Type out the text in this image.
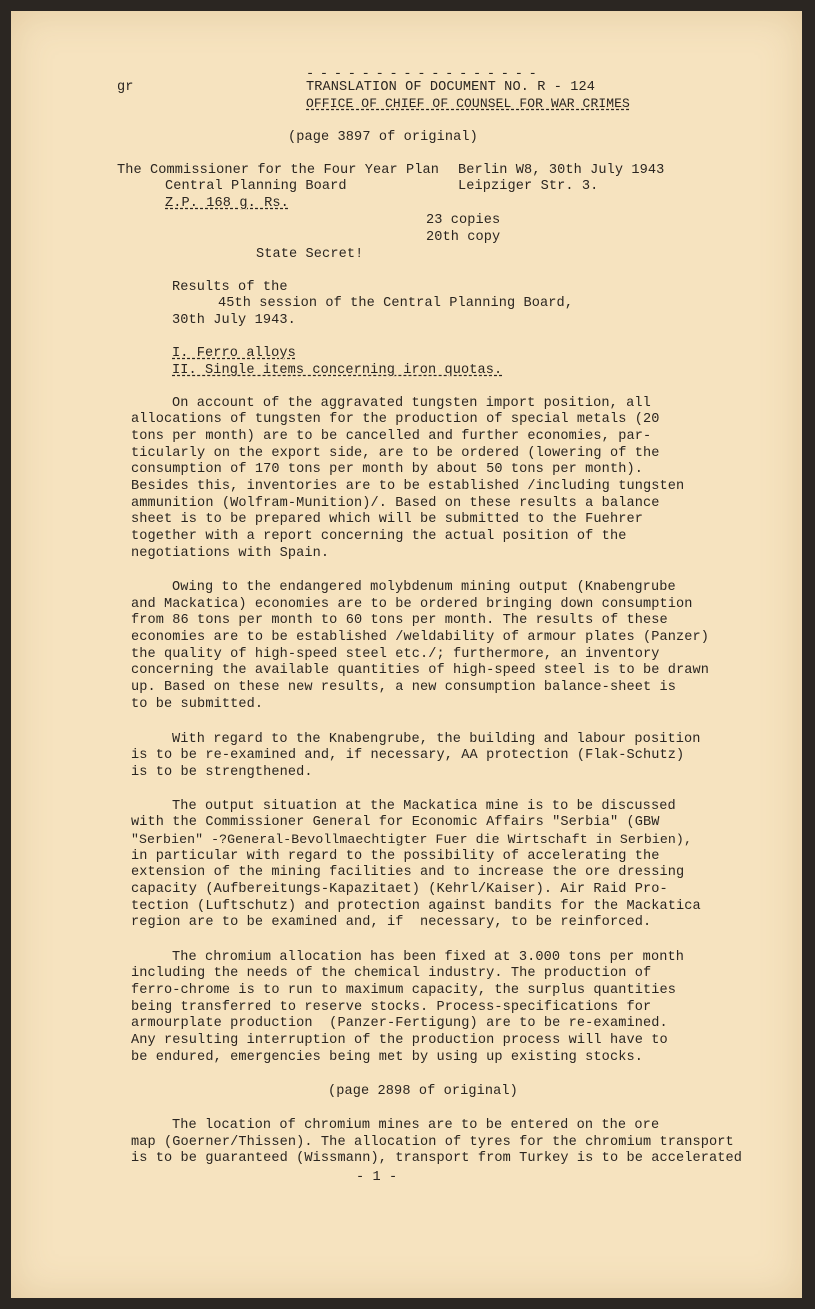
gr

- - - - - - - - - - - - - - - - -

TRANSLATION OF DOCUMENT NO. R - 124

OFFICE OF CHIEF OF COUNSEL FOR WAR CRIMES

(page 3897 of original)

The Commissioner for the Four Year Plan

Central Planning Board

Z.P. 168 g. Rs.

Berlin W8, 30th July 1943

Leipziger Str. 3.

23 copies

20th copy

State Secret!

Results of the

45th session of the Central Planning Board,

30th July 1943.

I. Ferro alloys

II. Single items concerning iron quotas.

On account of the aggravated tungsten import position, all

allocations of tungsten for the production of special metals (20

tons per month) are to be cancelled and further economies, par-

ticularly on the export side, are to be ordered (lowering of the

consumption of 170 tons per month by about 50 tons per month).

Besides this, inventories are to be established /including tungsten

ammunition (Wolfram-Munition)/. Based on these results a balance

sheet is to be prepared which will be submitted to the Fuehrer

together with a report concerning the actual position of the

negotiations with Spain.

Owing to the endangered molybdenum mining output (Knabengrube

and Mackatica) economies are to be ordered bringing down consumption

from 86 tons per month to 60 tons per month. The results of these

economies are to be established /weldability of armour plates (Panzer)

the quality of high-speed steel etc./; furthermore, an inventory

concerning the available quantities of high-speed steel is to be drawn

up. Based on these new results, a new consumption balance-sheet is

to be submitted.

With regard to the Knabengrube, the building and labour position

is to be re-examined and, if necessary, AA protection (Flak-Schutz)

is to be strengthened.

The output situation at the Mackatica mine is to be discussed

with the Commissioner General for Economic Affairs "Serbia" (GBW

"Serbien" -?General-Bevollmaechtigter Fuer die Wirtschaft in Serbien),

in particular with regard to the possibility of accelerating the

extension of the mining facilities and to increase the ore dressing

capacity (Aufbereitungs-Kapazitaet) (Kehrl/Kaiser). Air Raid Pro-

tection (Luftschutz) and protection against bandits for the Mackatica

region are to be examined and, if  necessary, to be reinforced.

The chromium allocation has been fixed at 3.000 tons per month

including the needs of the chemical industry. The production of

ferro-chrome is to run to maximum capacity, the surplus quantities

being transferred to reserve stocks. Process-specifications for

armourplate production  (Panzer-Fertigung) are to be re-examined.

Any resulting interruption of the production process will have to

be endured, emergencies being met by using up existing stocks.

(page 2898 of original)

The location of chromium mines are to be entered on the ore

map (Goerner/Thissen). The allocation of tyres for the chromium transport

is to be guaranteed (Wissmann), transport from Turkey is to be accelerated

- 1 -
